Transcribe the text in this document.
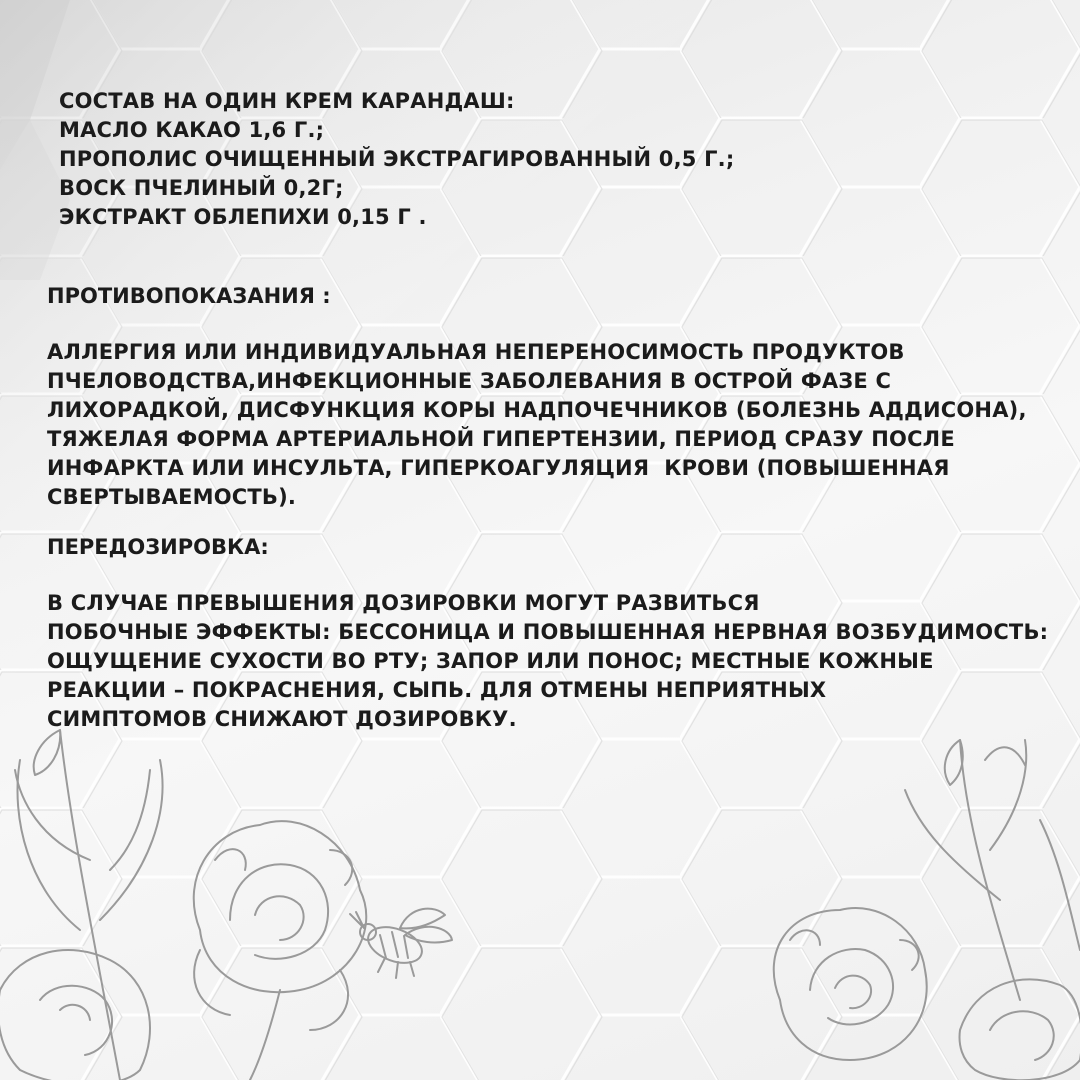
СОСТАВ НА ОДИН КРЕМ КАРАНДАШ:
МАСЛО КАКАО 1,6 Г.;
ПРОПОЛИС ОЧИЩЕННЫЙ ЭКСТРАГИРОВАННЫЙ 0,5 Г.;
ВОСК ПЧЕЛИНЫЙ 0,2Г;
ЭКСТРАКТ ОБЛЕПИХИ 0,15 Г .
ПРОТИВОПОКАЗАНИЯ :
АЛЛЕРГИЯ ИЛИ ИНДИВИДУАЛЬНАЯ НЕПЕРЕНОСИМОСТЬ ПРОДУКТОВ
ПЧЕЛОВОДСТВА,ИНФЕКЦИОННЫЕ ЗАБОЛЕВАНИЯ В ОСТРОЙ ФАЗЕ С
ЛИХОРАДКОЙ, ДИСФУНКЦИЯ КОРЫ НАДПОЧЕЧНИКОВ (БОЛЕЗНЬ АДДИСОНА),
ТЯЖЕЛАЯ ФОРМА АРТЕРИАЛЬНОЙ ГИПЕРТЕНЗИИ, ПЕРИОД СРАЗУ ПОСЛЕ
ИНФАРКТА ИЛИ ИНСУЛЬТА, ГИПЕРКОАГУЛЯЦИЯ  КРОВИ (ПОВЫШЕННАЯ
СВЕРТЫВАЕМОСТЬ).
ПЕРЕДОЗИРОВКА:
В СЛУЧАЕ ПРЕВЫШЕНИЯ ДОЗИРОВКИ МОГУТ РАЗВИТЬСЯ
ПОБОЧНЫЕ ЭФФЕКТЫ: БЕССОНИЦА И ПОВЫШЕННАЯ НЕРВНАЯ ВОЗБУДИМОСТЬ:
ОЩУЩЕНИЕ СУХОСТИ ВО РТУ; ЗАПОР ИЛИ ПОНОС; МЕСТНЫЕ КОЖНЫЕ
РЕАКЦИИ – ПОКРАСНЕНИЯ, СЫПЬ. ДЛЯ ОТМЕНЫ НЕПРИЯТНЫХ
СИМПТОМОВ СНИЖАЮТ ДОЗИРОВКУ.
